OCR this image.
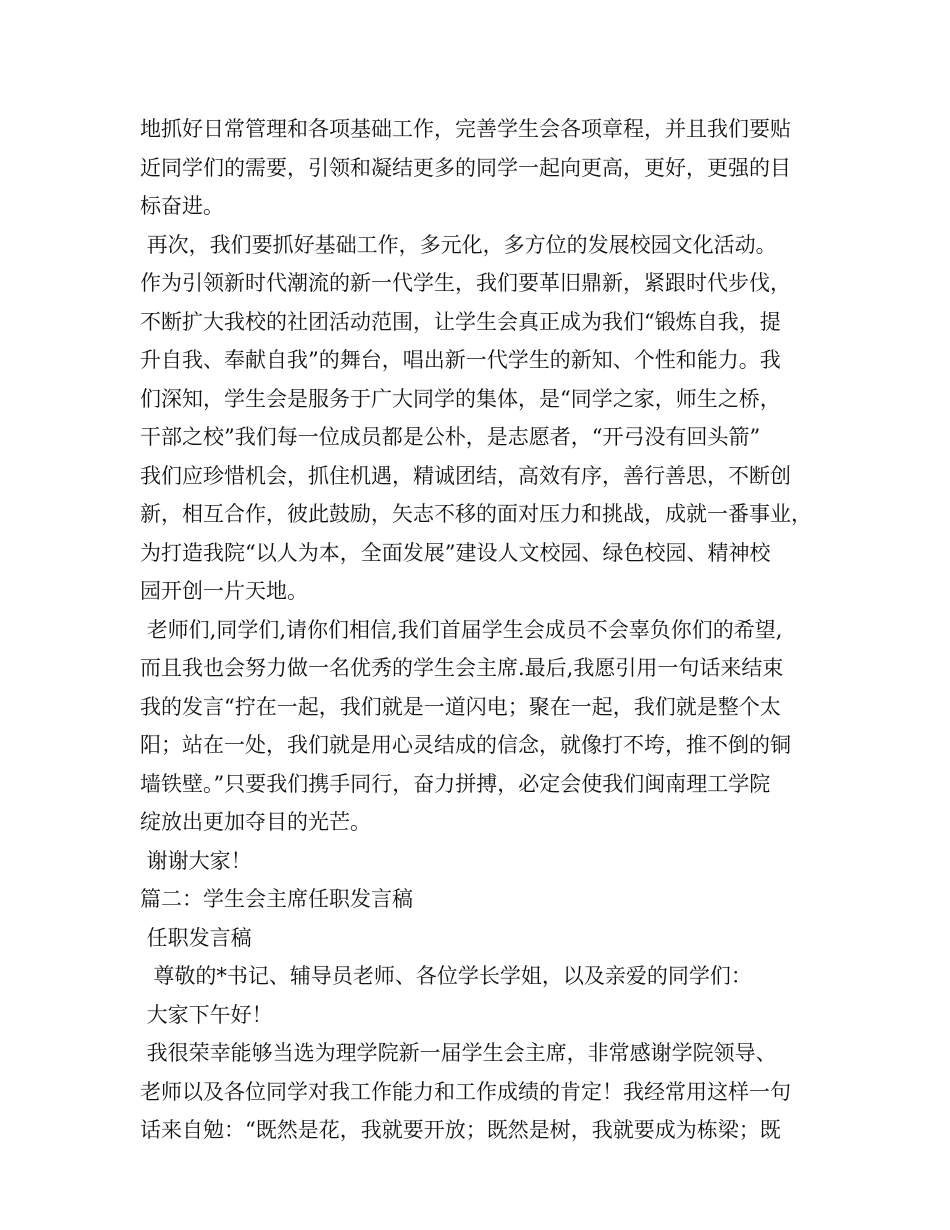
地抓好日常管理和各项基础工作，完善学生会各项章程，并且我们要贴
近同学们的需要，引领和凝结更多的同学一起向更高，更好，更强的目
标奋进。
再次，我们要抓好基础工作，多元化，多方位的发展校园文化活动。
作为引领新时代潮流的新一代学生，我们要革旧鼎新，紧跟时代步伐，
不断扩大我校的社团活动范围，让学生会真正成为我们“锻炼自我，提
升自我、奉献自我”的舞台，唱出新一代学生的新知、个性和能力。我
们深知，学生会是服务于广大同学的集体，是“同学之家，师生之桥，
干部之校”我们每一位成员都是公朴，是志愿者，“开弓没有回头箭”
我们应珍惜机会，抓住机遇，精诚团结，高效有序，善行善思，不断创
新，相互合作，彼此鼓励，矢志不移的面对压力和挑战，成就一番事业，
为打造我院“以人为本，全面发展”建设人文校园、绿色校园、精神校
园开创一片天地。
老师们,同学们,请你们相信,我们首届学生会成员不会辜负你们的希望,
而且我也会努力做一名优秀的学生会主席.最后,我愿引用一句话来结束
我的发言“拧在一起，我们就是一道闪电；聚在一起，我们就是整个太
阳；站在一处，我们就是用心灵结成的信念，就像打不垮，推不倒的铜
墙铁壁。”只要我们携手同行，奋力拼搏，必定会使我们闽南理工学院
绽放出更加夺目的光芒。
谢谢大家！
篇二：学生会主席任职发言稿
任职发言稿
尊敬的*书记、辅导员老师、各位学长学姐，以及亲爱的同学们：
大家下午好！
我很荣幸能够当选为理学院新一届学生会主席，非常感谢学院领导、
老师以及各位同学对我工作能力和工作成绩的肯定！我经常用这样一句
话来自勉：“既然是花，我就要开放；既然是树，我就要成为栋梁；既
